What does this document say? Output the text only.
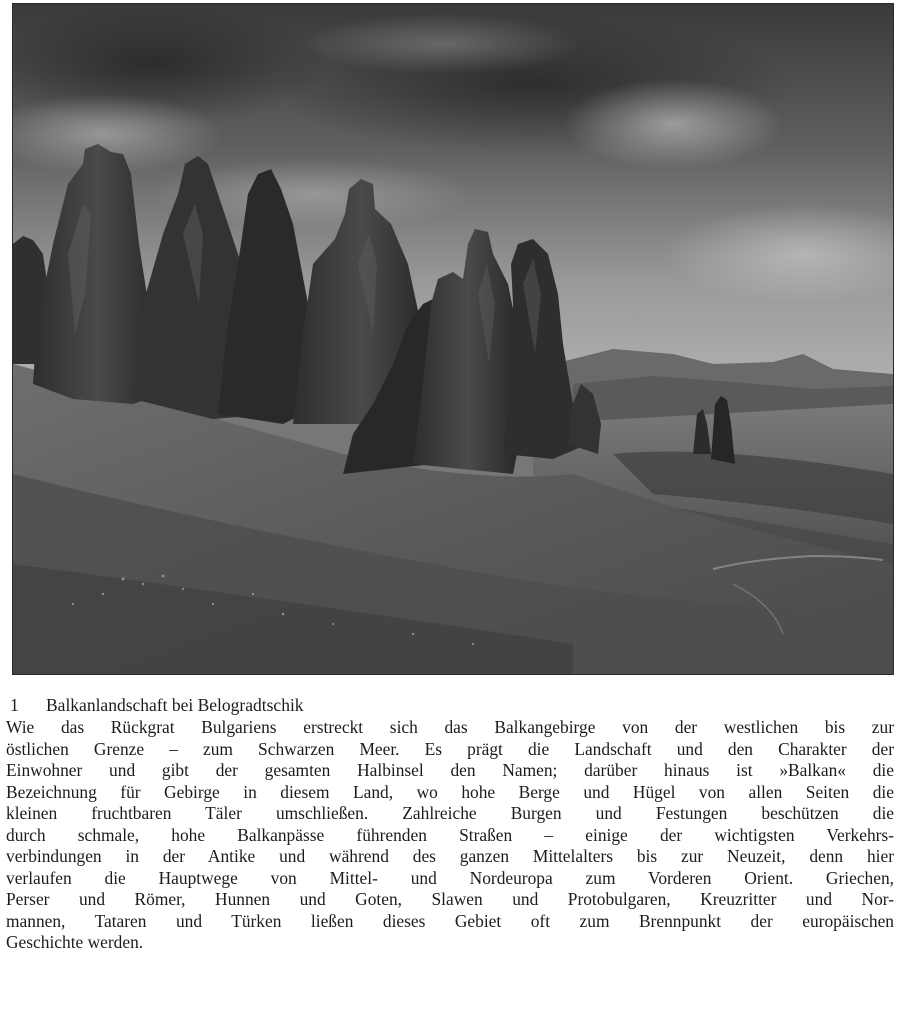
1 Balkanlandschaft bei Belogradtschik
Wie das Rückgrat Bulgariens erstreckt sich das Balkangebirge von der westlichen bis zur
östlichen Grenze – zum Schwarzen Meer. Es prägt die Landschaft und den Charakter der
Einwohner und gibt der gesamten Halbinsel den Namen; darüber hinaus ist »Balkan« die
Bezeichnung für Gebirge in diesem Land, wo hohe Berge und Hügel von allen Seiten die
kleinen fruchtbaren Täler umschließen. Zahlreiche Burgen und Festungen beschützen die
durch schmale, hohe Balkanpässe führenden Straßen – einige der wichtigsten Verkehrs-
verbindungen in der Antike und während des ganzen Mittelalters bis zur Neuzeit, denn hier
verlaufen die Hauptwege von Mittel- und Nordeuropa zum Vorderen Orient. Griechen,
Perser und Römer, Hunnen und Goten, Slawen und Protobulgaren, Kreuzritter und Nor-
mannen, Tataren und Türken ließen dieses Gebiet oft zum Brennpunkt der europäischen
Geschichte werden.
